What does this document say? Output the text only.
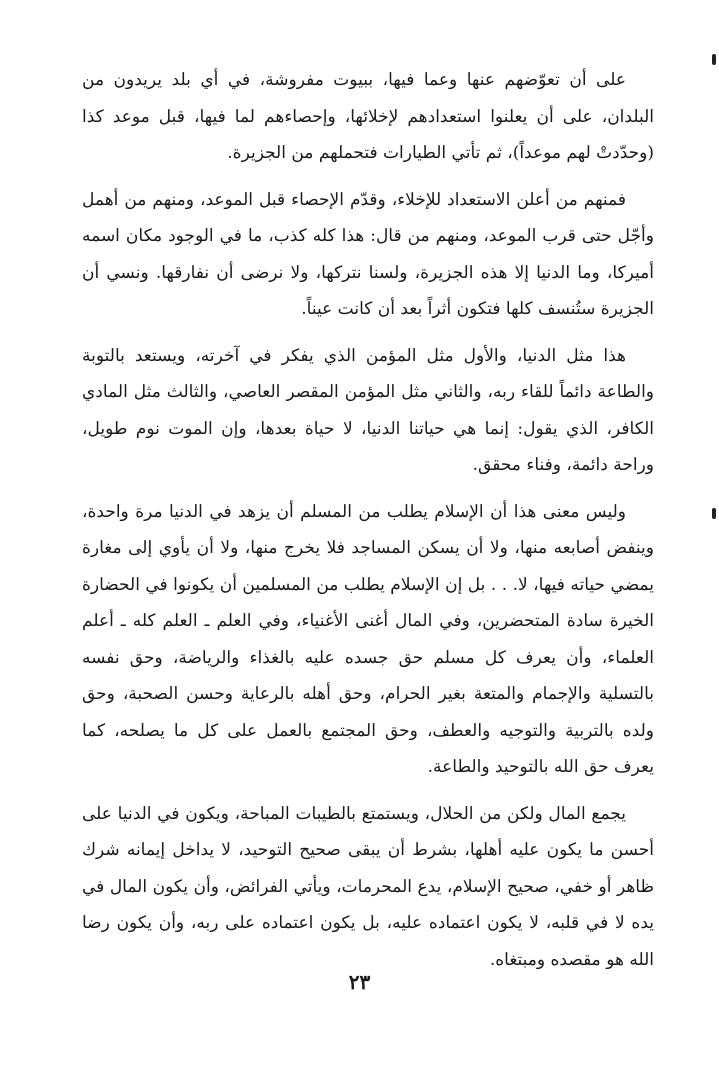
على أن تعوّضهم عنها وعما فيها، ببيوت مفروشة، في أي بلد يريدون من البلدان، على أن يعلنوا استعدادهم لإخلائها، وإحصاءهم لما فيها، قبل موعد كذا (وحدّدتْ لهم موعداً)، ثم تأتي الطيارات فتحملهم من الجزيرة.

فمنهم من أعلن الاستعداد للإخلاء، وقدّم الإحصاء قبل الموعد، ومنهم من أهمل وأجّل حتى قرب الموعد، ومنهم من قال: هذا كله كذب، ما في الوجود مكان اسمه أميركا، وما الدنيا إلا هذه الجزيرة، ولسنا نتركها، ولا نرضى أن نفارقها. ونسي أن الجزيرة ستُنسف كلها فتكون أثراً بعد أن كانت عيناً.

هذا مثل الدنيا، والأول مثل المؤمن الذي يفكر في آخرته، ويستعد بالتوبة والطاعة دائماً للقاء ربه، والثاني مثل المؤمن المقصر العاصي، والثالث مثل المادي الكافر، الذي يقول: إنما هي حياتنا الدنيا، لا حياة بعدها، وإن الموت نوم طويل، وراحة دائمة، وفناء محقق.

وليس معنى هذا أن الإسلام يطلب من المسلم أن يزهد في الدنيا مرة واحدة، وينفض أصابعه منها، ولا أن يسكن المساجد فلا يخرج منها، ولا أن يأوي إلى مغارة يمضي حياته فيها، لا. . . بل إن الإسلام يطلب من المسلمين أن يكونوا في الحضارة الخيرة سادة المتحضرين، وفي المال أغنى الأغنياء، وفي العلم ـ العلم كله ـ أعلم العلماء، وأن يعرف كل مسلم حق جسده عليه بالغذاء والرياضة، وحق نفسه بالتسلية والإجمام والمتعة بغير الحرام، وحق أهله بالرعاية وحسن الصحبة، وحق ولده بالتربية والتوجيه والعطف، وحق المجتمع بالعمل على كل ما يصلحه، كما يعرف حق الله بالتوحيد والطاعة.

يجمع المال ولكن من الحلال، ويستمتع بالطيبات المباحة، ويكون في الدنيا على أحسن ما يكون عليه أهلها، بشرط أن يبقى صحيح التوحيد، لا يداخل إيمانه شرك ظاهر أو خفي، صحيح الإسلام، يدع المحرمات، ويأتي الفرائض، وأن يكون المال في يده لا في قلبه، لا يكون اعتماده عليه، بل يكون اعتماده على ربه، وأن يكون رضا الله هو مقصده ومبتغاه.

٢٣
